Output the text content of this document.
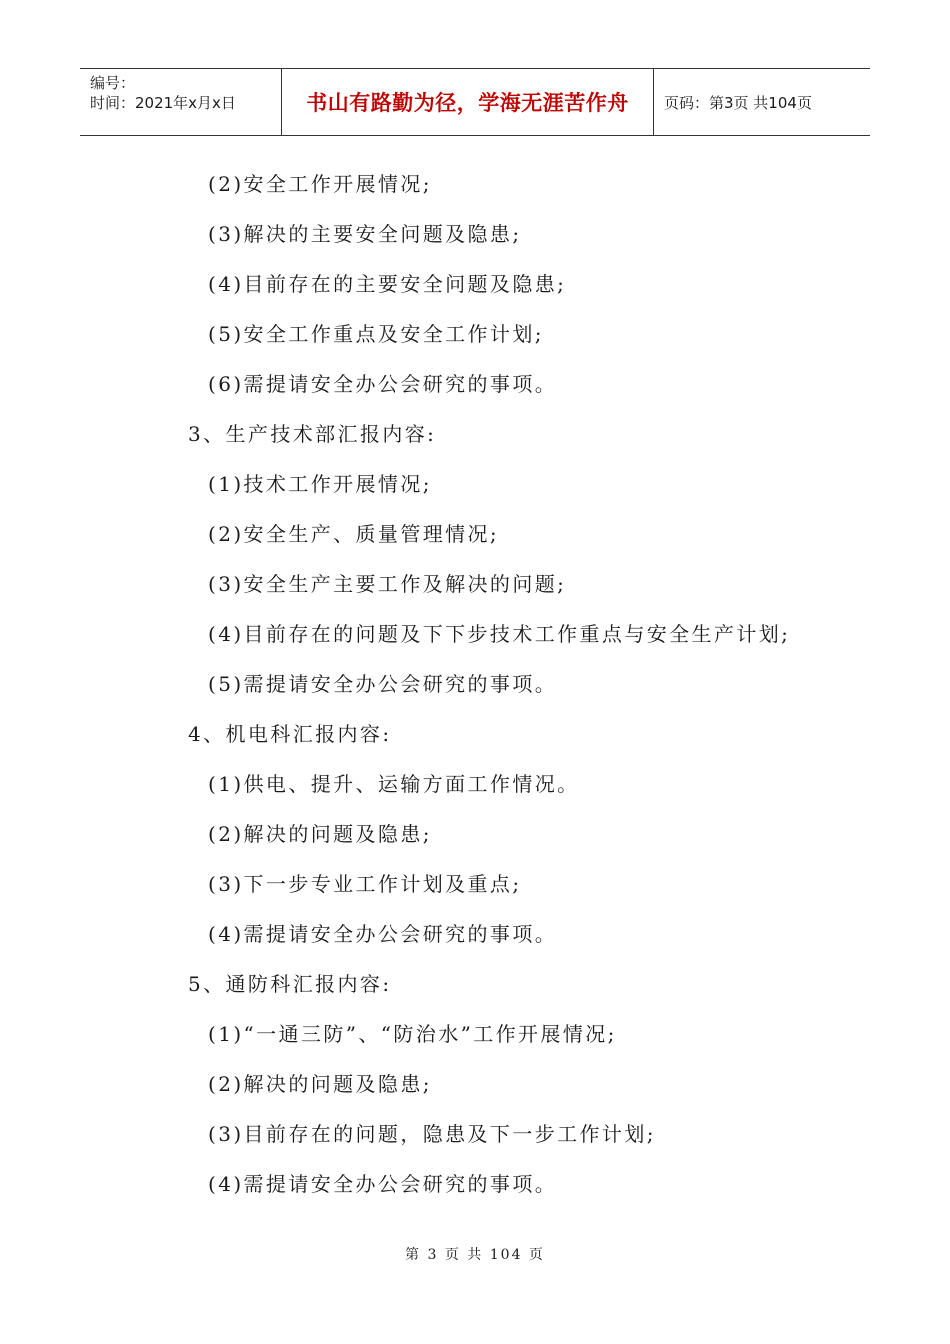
编号：
时间：2021年x月x日	书山有路勤为径，学海无涯苦作舟	页码：第3页 共104页
(2)安全工作开展情况;
(3)解决的主要安全问题及隐患;
(4)目前存在的主要安全问题及隐患;
(5)安全工作重点及安全工作计划;
(6)需提请安全办公会研究的事项。
3、生产技术部汇报内容:
(1)技术工作开展情况;
(2)安全生产、质量管理情况;
(3)安全生产主要工作及解决的问题;
(4)目前存在的问题及下下步技术工作重点与安全生产计划;
(5)需提请安全办公会研究的事项。
4、机电科汇报内容:
(1)供电、提升、运输方面工作情况。
(2)解决的问题及隐患;
(3)下一步专业工作计划及重点;
(4)需提请安全办公会研究的事项。
5、通防科汇报内容:
(1)“一通三防”、“防治水”工作开展情况;
(2)解决的问题及隐患;
(3)目前存在的问题，隐患及下一步工作计划;
(4)需提请安全办公会研究的事项。
第 3 页 共 104 页
